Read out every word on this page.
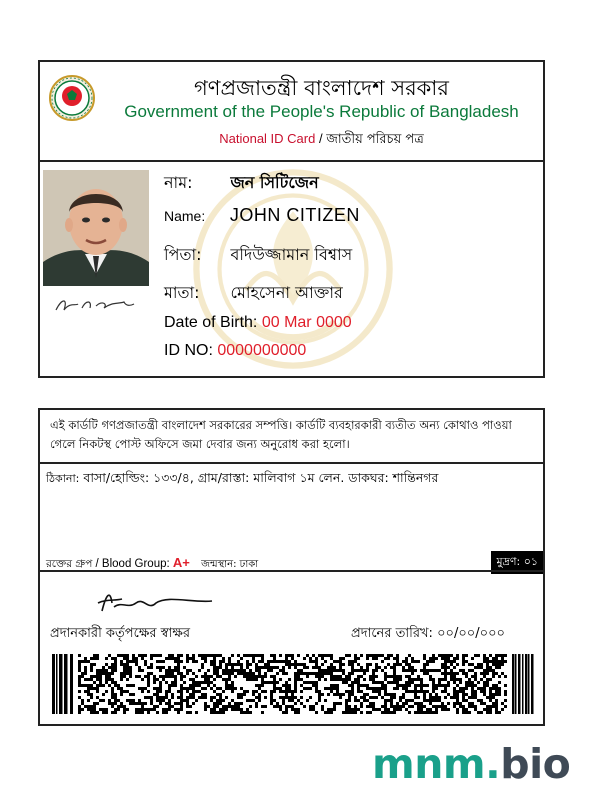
গণপ্রজাতন্ত্রী বাংলাদেশ সরকার
Government of the People's Republic of Bangladesh
National ID Card / জাতীয় পরিচয় পত্র
নাম: জন সিটিজেন
Name: JOHN CITIZEN
পিতা: বদিউজ্জামান বিশ্বাস
মাতা: মোহসেনা আক্তার
Date of Birth: 00 Mar 0000
ID NO: 0000000000
এই কার্ডটি গণপ্রজাতন্ত্রী বাংলাদেশ সরকারের সম্পত্তি। কার্ডটি ব্যবহারকারী ব্যতীত অন্য কোথাও পাওয়া গেলে নিকটস্থ পোস্ট অফিসে জমা দেবার জন্য অনুরোধ করা হলো।
ঠিকানা: বাসা/হোল্ডিং: ১৩৩/৪, গ্রাম/রাস্তা: মালিবাগ ১ম লেন. ডাকঘর: শান্তিনগর
রক্তের গ্রুপ / Blood Group: A+ জন্মস্থান: ঢাকা	মুদ্রণ: ০১
প্রদানকারী কর্তৃপক্ষের স্বাক্ষর	প্রদানের তারিখ: ০০/০০/০০০
mnm.bio
